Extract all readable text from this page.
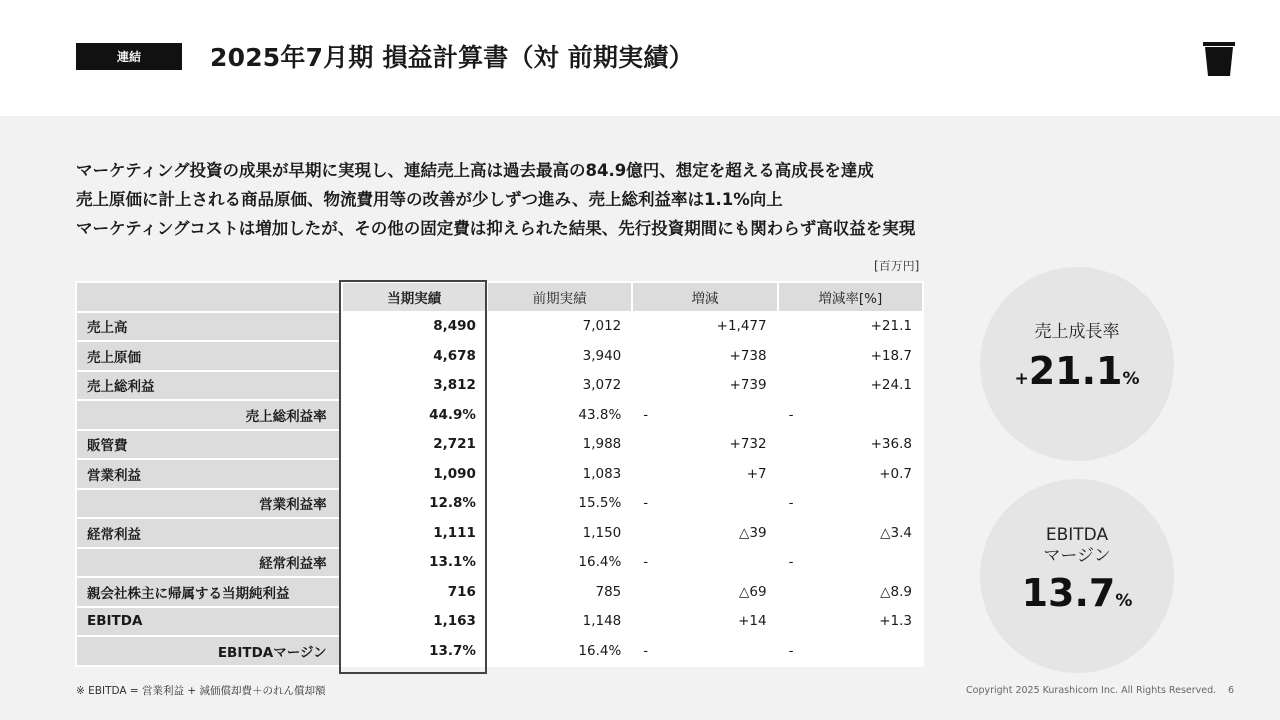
連結	2025年7月期 損益計算書（対 前期実績）
マーケティング投資の成果が早期に実現し、連結売上高は過去最高の84.9億円、想定を超える高成長を達成
売上原価に計上される商品原価、物流費用等の改善が少しずつ進み、売上総利益率は1.1%向上
マーケティングコストは増加したが、その他の固定費は抑えられた結果、先行投資期間にも関わらず高収益を実現
[百万円]
	当期実績	前期実績	増減	増減率[%]
売上高	8,490	7,012	+1,477	+21.1
売上原価	4,678	3,940	+738	+18.7
売上総利益	3,812	3,072	+739	+24.1
売上総利益率	44.9%	43.8%	-	-
販管費	2,721	1,988	+732	+36.8
営業利益	1,090	1,083	+7	+0.7
営業利益率	12.8%	15.5%	-	-
経常利益	1,111	1,150	△39	△3.4
経常利益率	13.1%	16.4%	-	-
親会社株主に帰属する当期純利益	716	785	△69	△8.9
EBITDA	1,163	1,148	+14	+1.3
EBITDAマージン	13.7%	16.4%	-	-
売上成長率
+21.1%
EBITDA
マージン
13.7%
※ EBITDA = 営業利益 + 減価償却費＋のれん償却額	Copyright 2025 Kurashicom Inc. All Rights Reserved. 6
